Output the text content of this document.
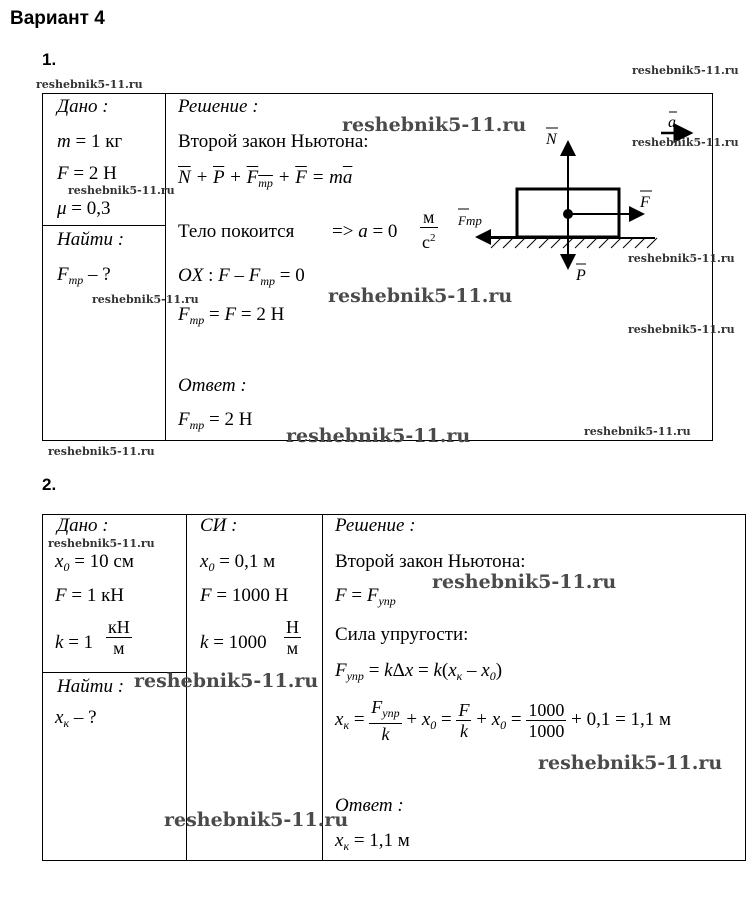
Вариант 4
1.
Дано :
m = 1 кг
F = 2 Н
μ = 0,3
Найти :
$F_{тр}$ – ?
Решение :
Второй закон Ньютона:
$\overline{N} + \overline{P} + F_{тр} + \overline{F} = m\overline{a}$
Тело покоится => $a = 0 \frac{м}{с^2}$
OX : $F - F_{тр} = 0$
$F_{тр} = F = 2$ Н
Ответ :
$F_{тр} = 2$ Н
N
P
F
Fтр
a
2.
Дано :
$x_0 = 10$ см
F = 1 кН
$k = 1 \frac{кН}{м}$
Найти :
$x_к$ – ?
СИ :
$x_0 = 0,1$ м
F = 1000 Н
$k = 1000 \frac{Н}{м}$
Решение :
Второй закон Ньютона:
$F = F_{упр}$
Сила упругости:
$F_{упр} = k\Delta x = k(x_к - x_0)$
$x_к = \frac{F_{упр}}{k} + x_0 = \frac{F}{k} + x_0 = \frac{1000}{1000} + 0,1 = 1,1$ м
Ответ :
$x_к = 1,1$ м
reshebnik5-11.ru
reshebnik5-11.ru
reshebnik5-11.ru
reshebnik5-11.ru
reshebnik5-11.ru
reshebnik5-11.ru
reshebnik5-11.ru
reshebnik5-11.ru
reshebnik5-11.ru
reshebnik5-11.ru	reshebnik5-11.ru
reshebnik5-11.ru
reshebnik5-11.ru
reshebnik5-11.ru
reshebnik5-11.ru
reshebnik5-11.ru
reshebnik5-11.ru
